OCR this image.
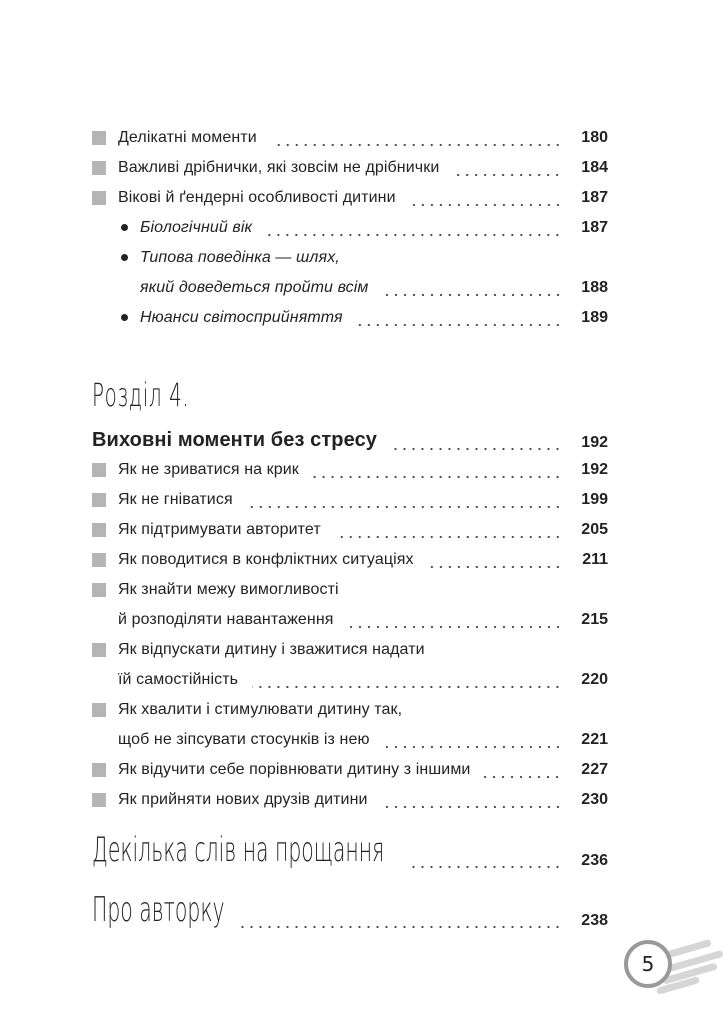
Делікатні моменти	180
Важливі дрібнички, які зовсім не дрібнички	184
Вікові й ґендерні особливості дитини	187
Біологічний вік	187
Типова поведінка — шлях,
який доведеться пройти всім	188
Нюанси світосприйняття	189
Розділ 4.
Виховні моменти без стресу	192
Як не зриватися на крик	192
Як не гніватися	199
Як підтримувати авторитет	205
Як поводитися в конфліктних ситуаціях	211
Як знайти межу вимогливості
й розподіляти навантаження	215
Як відпускати дитину і зважитися надати
їй самостійність	220
Як хвалити і стимулювати дитину так,
щоб не зіпсувати стосунків із нею	221
Як відучити себе порівнювати дитину з іншими	227
Як прийняти нових друзів дитини	230
Декілька слів на прощання	236
Про авторку	238
5
